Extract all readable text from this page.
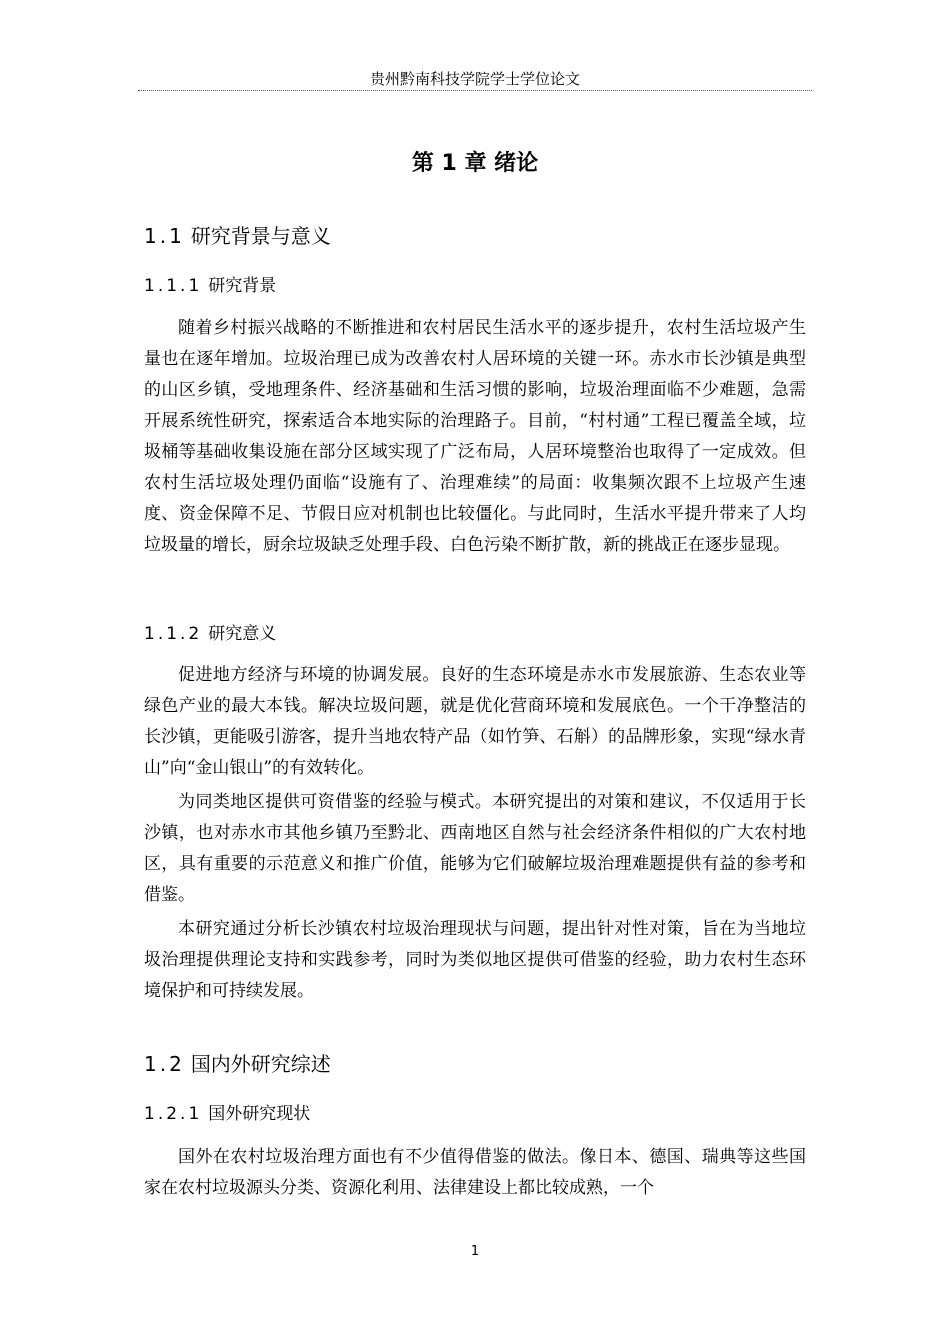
贵州黔南科技学院学士学位论文
第 1 章 绪论
1.1 研究背景与意义
1.1.1 研究背景

随着乡村振兴战略的不断推进和农村居民生活水平的逐步提升，农村生活垃圾产生量也在逐年增加。垃圾治理已成为改善农村人居环境的关键一环。赤水市长沙镇是典型的山区乡镇，受地理条件、经济基础和生活习惯的影响，垃圾治理面临不少难题，急需开展系统性研究，探索适合本地实际的治理路子。目前，“村村通”工程已覆盖全域，垃圾桶等基础收集设施在部分区域实现了广泛布局，人居环境整治也取得了一定成效。但农村生活垃圾处理仍面临“设施有了、治理难续”的局面：收集频次跟不上垃圾产生速度、资金保障不足、节假日应对机制也比较僵化。与此同时，生活水平提升带来了人均垃圾量的增长，厨余垃圾缺乏处理手段、白色污染不断扩散，新的挑战正在逐步显现。

1.1.2 研究意义

促进地方经济与环境的协调发展。良好的生态环境是赤水市发展旅游、生态农业等绿色产业的最大本钱。解决垃圾问题，就是优化营商环境和发展底色。一个干净整洁的长沙镇，更能吸引游客，提升当地农特产品（如竹笋、石斛）的品牌形象，实现“绿水青山”向“金山银山”的有效转化。

为同类地区提供可资借鉴的经验与模式。本研究提出的对策和建议，不仅适用于长沙镇，也对赤水市其他乡镇乃至黔北、西南地区自然与社会经济条件相似的广大农村地区，具有重要的示范意义和推广价值，能够为它们破解垃圾治理难题提供有益的参考和借鉴。

本研究通过分析长沙镇农村垃圾治理现状与问题，提出针对性对策，旨在为当地垃圾治理提供理论支持和实践参考，同时为类似地区提供可借鉴的经验，助力农村生态环境保护和可持续发展。

1.2 国内外研究综述
1.2.1 国外研究现状

国外在农村垃圾治理方面也有不少值得借鉴的做法。像日本、德国、瑞典等这些国家在农村垃圾源头分类、资源化利用、法律建设上都比较成熟，一个

1
